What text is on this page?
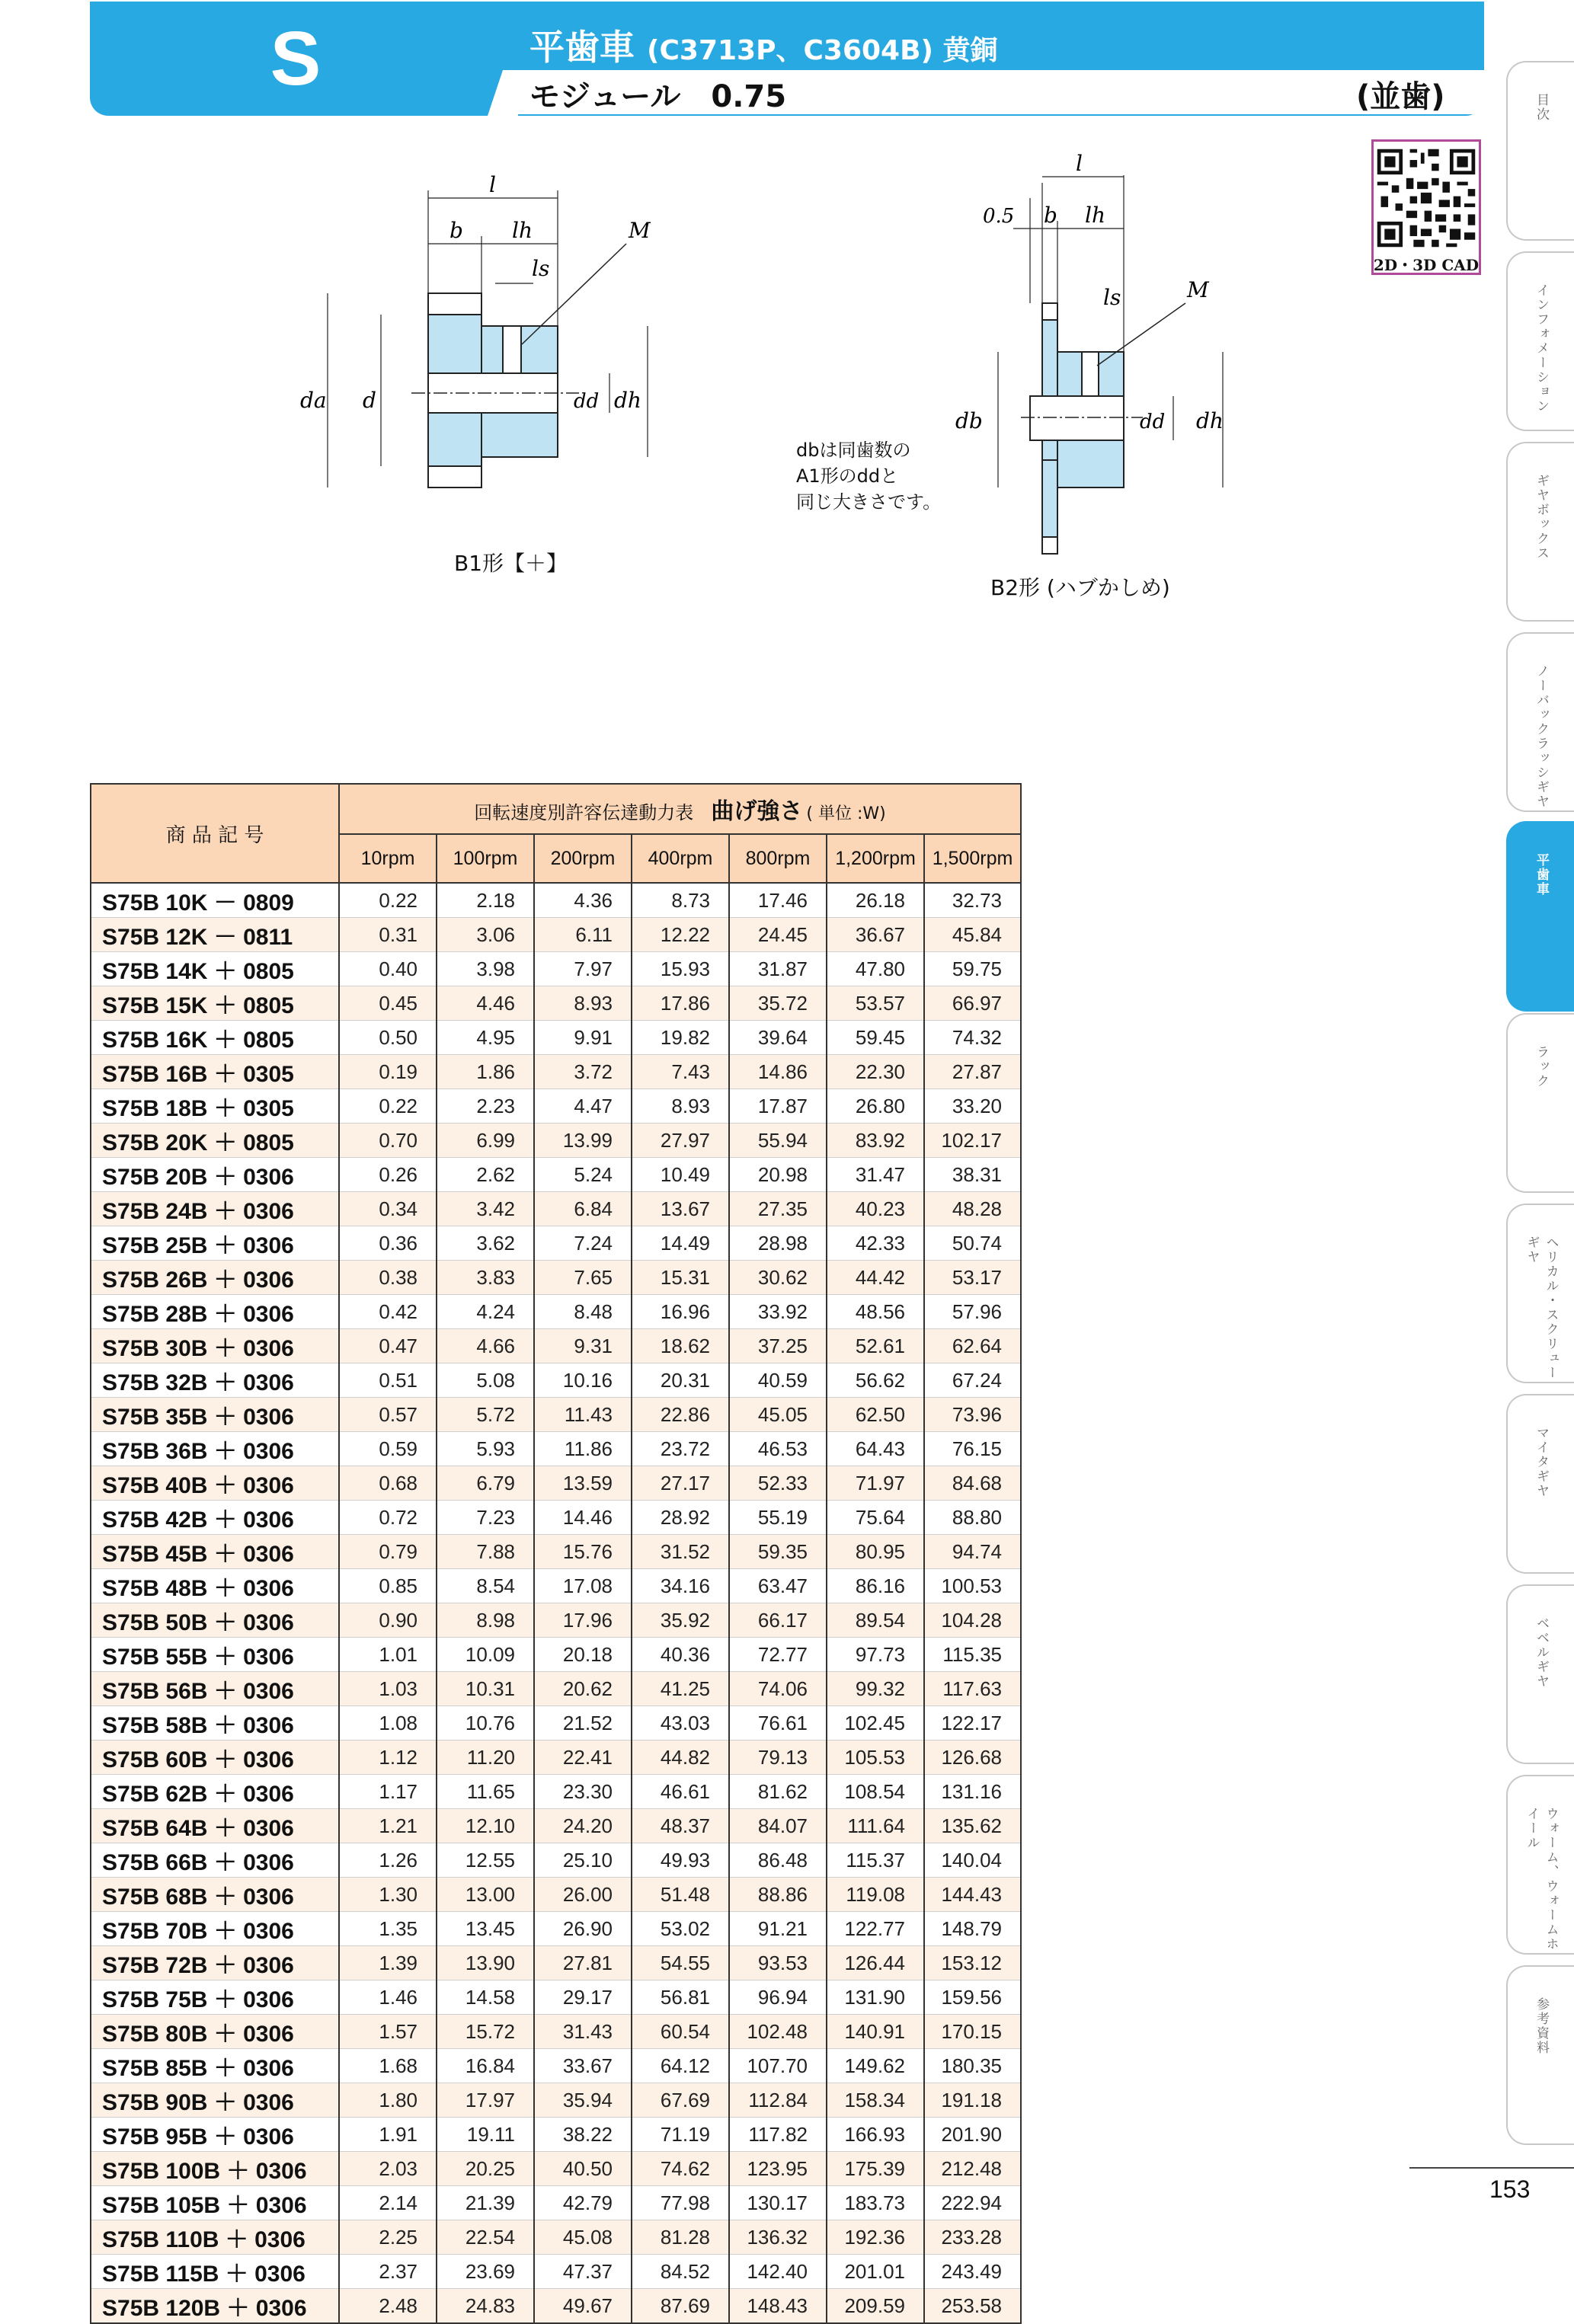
S	平歯車 (C3713P、C3604B) 黄銅
モジュール　0.75	(並歯)
2D・3D CAD
目次
インフォメーション
ギヤボックス
ノーバックラッシギヤ
平歯車
ラック
ヘリカル・スクリューギヤ
マイタギヤ
ベベルギヤ
ウォーム、ウォームホイール
参考資料
l
b lh
ls
M
da d	dd dh
B1形【＋】
l
0.5 b lh
ls	M
db	dd dh
dbは同歯数の
A1形のddと
同じ大きさです。
B2形 (ハブかしめ)
商 品 記 号	回転速度別許容伝達動力表 曲げ強さ ( 単位 :W)						
	10rpm	100rpm	200rpm	400rpm	800rpm	1,200rpm	1,500rpm
S75B 10K － 0809	0.22	2.18	4.36	8.73	17.46	26.18	32.73
S75B 12K － 0811	0.31	3.06	6.11	12.22	24.45	36.67	45.84
S75B 14K ＋ 0805	0.40	3.98	7.97	15.93	31.87	47.80	59.75
S75B 15K ＋ 0805	0.45	4.46	8.93	17.86	35.72	53.57	66.97
S75B 16K ＋ 0805	0.50	4.95	9.91	19.82	39.64	59.45	74.32
S75B 16B ＋ 0305	0.19	1.86	3.72	7.43	14.86	22.30	27.87
S75B 18B ＋ 0305	0.22	2.23	4.47	8.93	17.87	26.80	33.20
S75B 20K ＋ 0805	0.70	6.99	13.99	27.97	55.94	83.92	102.17
S75B 20B ＋ 0306	0.26	2.62	5.24	10.49	20.98	31.47	38.31
S75B 24B ＋ 0306	0.34	3.42	6.84	13.67	27.35	40.23	48.28
S75B 25B ＋ 0306	0.36	3.62	7.24	14.49	28.98	42.33	50.74
S75B 26B ＋ 0306	0.38	3.83	7.65	15.31	30.62	44.42	53.17
S75B 28B ＋ 0306	0.42	4.24	8.48	16.96	33.92	48.56	57.96
S75B 30B ＋ 0306	0.47	4.66	9.31	18.62	37.25	52.61	62.64
S75B 32B ＋ 0306	0.51	5.08	10.16	20.31	40.59	56.62	67.24
S75B 35B ＋ 0306	0.57	5.72	11.43	22.86	45.05	62.50	73.96
S75B 36B ＋ 0306	0.59	5.93	11.86	23.72	46.53	64.43	76.15
S75B 40B ＋ 0306	0.68	6.79	13.59	27.17	52.33	71.97	84.68
S75B 42B ＋ 0306	0.72	7.23	14.46	28.92	55.19	75.64	88.80
S75B 45B ＋ 0306	0.79	7.88	15.76	31.52	59.35	80.95	94.74
S75B 48B ＋ 0306	0.85	8.54	17.08	34.16	63.47	86.16	100.53
S75B 50B ＋ 0306	0.90	8.98	17.96	35.92	66.17	89.54	104.28
S75B 55B ＋ 0306	1.01	10.09	20.18	40.36	72.77	97.73	115.35
S75B 56B ＋ 0306	1.03	10.31	20.62	41.25	74.06	99.32	117.63
S75B 58B ＋ 0306	1.08	10.76	21.52	43.03	76.61	102.45	122.17
S75B 60B ＋ 0306	1.12	11.20	22.41	44.82	79.13	105.53	126.68
S75B 62B ＋ 0306	1.17	11.65	23.30	46.61	81.62	108.54	131.16
S75B 64B ＋ 0306	1.21	12.10	24.20	48.37	84.07	111.64	135.62
S75B 66B ＋ 0306	1.26	12.55	25.10	49.93	86.48	115.37	140.04
S75B 68B ＋ 0306	1.30	13.00	26.00	51.48	88.86	119.08	144.43
S75B 70B ＋ 0306	1.35	13.45	26.90	53.02	91.21	122.77	148.79
S75B 72B ＋ 0306	1.39	13.90	27.81	54.55	93.53	126.44	153.12
S75B 75B ＋ 0306	1.46	14.58	29.17	56.81	96.94	131.90	159.56
S75B 80B ＋ 0306	1.57	15.72	31.43	60.54	102.48	140.91	170.15
S75B 85B ＋ 0306	1.68	16.84	33.67	64.12	107.70	149.62	180.35
S75B 90B ＋ 0306	1.80	17.97	35.94	67.69	112.84	158.34	191.18
S75B 95B ＋ 0306	1.91	19.11	38.22	71.19	117.82	166.93	201.90
S75B 100B ＋ 0306	2.03	20.25	40.50	74.62	123.95	175.39	212.48
S75B 105B ＋ 0306	2.14	21.39	42.79	77.98	130.17	183.73	222.94
S75B 110B ＋ 0306	2.25	22.54	45.08	81.28	136.32	192.36	233.28
S75B 115B ＋ 0306	2.37	23.69	47.37	84.52	142.40	201.01	243.49
S75B 120B ＋ 0306	2.48	24.83	49.67	87.69	148.43	209.59	253.58
153
